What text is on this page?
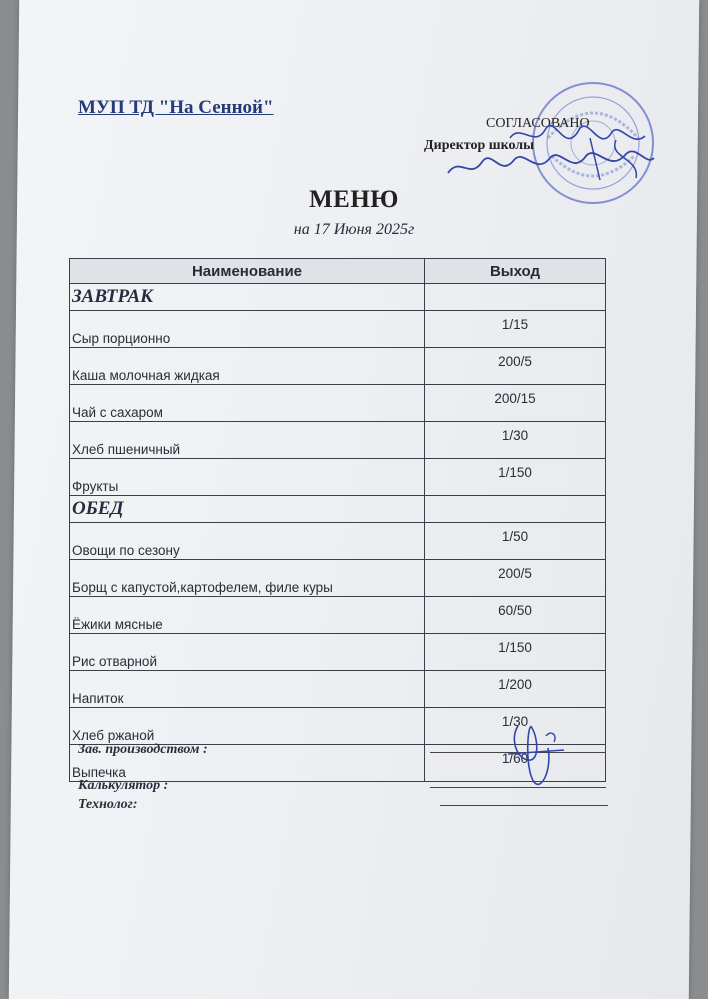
МУП ТД "На Сенной"
СОГЛАСОВАНО
Директор школы
МЕНЮ
на 17 Июня 2025г
Наименование	Выход
ЗАВТРАК	
Сыр порционно	1/15
Каша молочная жидкая	200/5
Чай с сахаром	200/15
Хлеб пшеничный	1/30
Фрукты	1/150
ОБЕД	
Овощи по сезону	1/50
Борщ с капустой,картофелем, филе куры	200/5
Ёжики мясные	60/50
Рис отварной	1/150
Напиток	1/200
Хлеб ржаной	1/30
Выпечка	1/60
Зав. производством :
Калькулятор :
Технолог:
